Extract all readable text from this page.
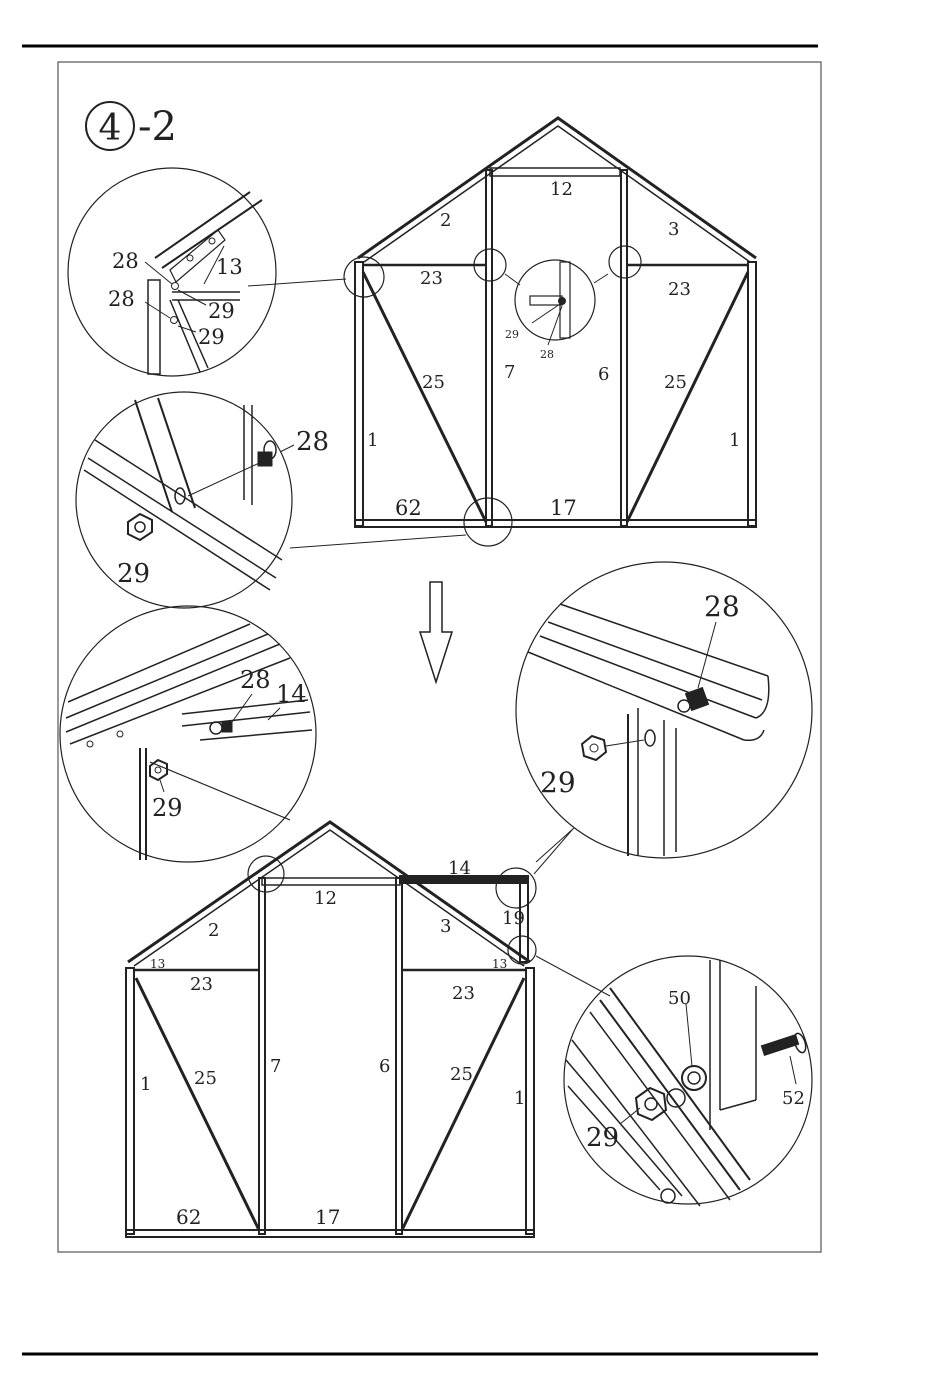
4 -2
12
2	3
23
23
25	25
1	1
7	6
62	17
29
28
28
28	29
29
13
28
29
28 14
29
28
29
14
19
12
2	3
13	13
23	23
25	25
1
1
7	6
62	17
50
52
29
